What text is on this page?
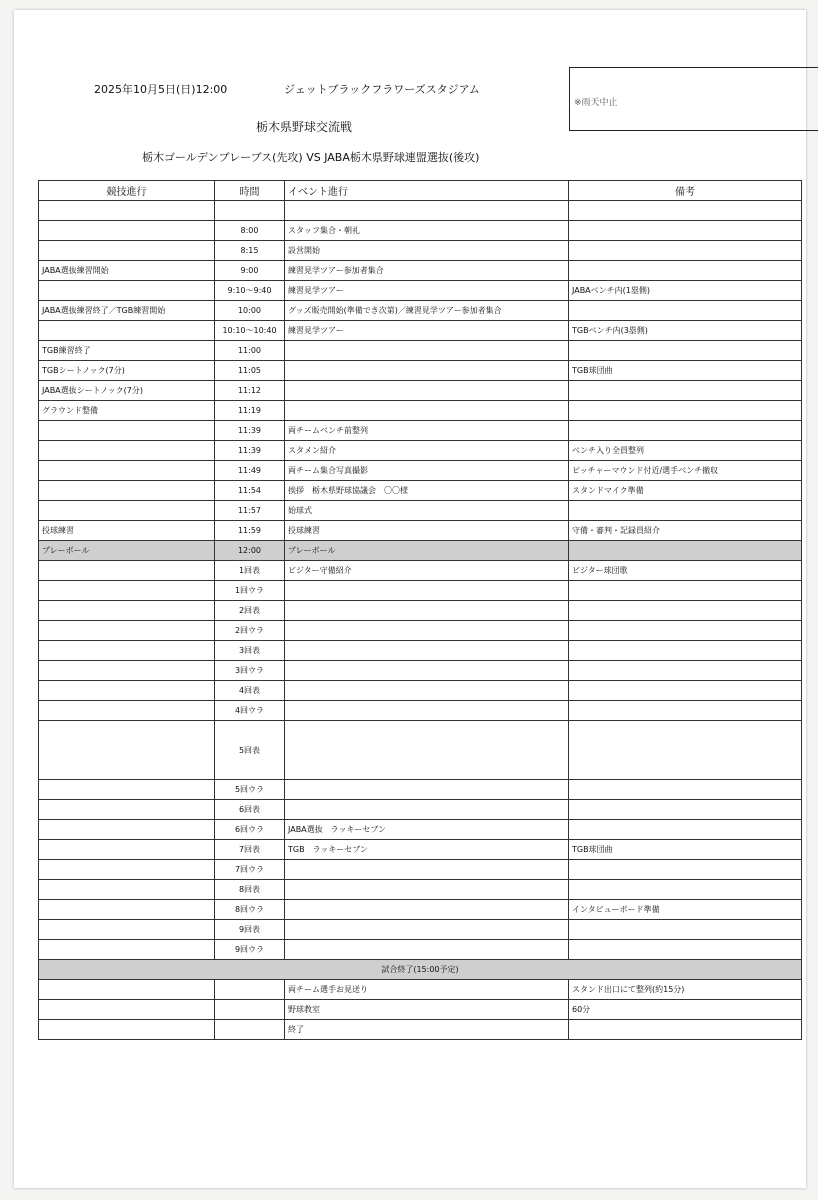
2025年10月5日(日)12:00	ジェットブラックフラワーズスタジアム
※雨天中止
栃木県野球交流戦
栃木ゴールデンブレーブス(先攻) VS JABA栃木県野球連盟選抜(後攻)
競技進行	時間	イベント進行	備考

	8:00	スタッフ集合・朝礼	
	8:15	設営開始	
JABA選抜練習開始	9:00	練習見学ツアー参加者集合	
	9:10～9:40	練習見学ツアー	JABAベンチ内(1塁側)
JABA選抜練習終了／TGB練習開始	10:00	グッズ販売開始(準備でき次第)／練習見学ツアー参加者集合	
	10:10～10:40	練習見学ツアー	TGBベンチ内(3塁側)
TGB練習終了	11:00		
TGBシートノック(7分)	11:05		TGB球団曲
JABA選抜シートノック(7分)	11:12		
グラウンド整備	11:19		
	11:39	両チームベンチ前整列	
	11:39	スタメン紹介	ベンチ入り全員整列
	11:49	両チーム集合写真撮影	ピッチャーマウンド付近/選手ベンチ撤収
	11:54	挨拶　栃木県野球協議会　〇〇様	スタンドマイク準備
	11:57	始球式	
投球練習	11:59	投球練習	守備・審判・記録員紹介
プレーボール	12:00	プレーボール	
	1回表	ビジター守備紹介	ビジター球団歌
	1回ウラ		
	2回表		
	2回ウラ		
	3回表		
	3回ウラ		
	4回表		
	4回ウラ		
	5回表		
	5回ウラ		
	6回表		
	6回ウラ	JABA選抜　ラッキーセブン	
	7回表	TGB　ラッキーセブン	TGB球団曲
	7回ウラ		
	8回表		
	8回ウラ		インタビューボード準備
	9回表		
	9回ウラ		
試合終了(15:00予定)			
		両チーム選手お見送り	スタンド出口にて整列(約15分)
		野球教室	60分
		終了	
